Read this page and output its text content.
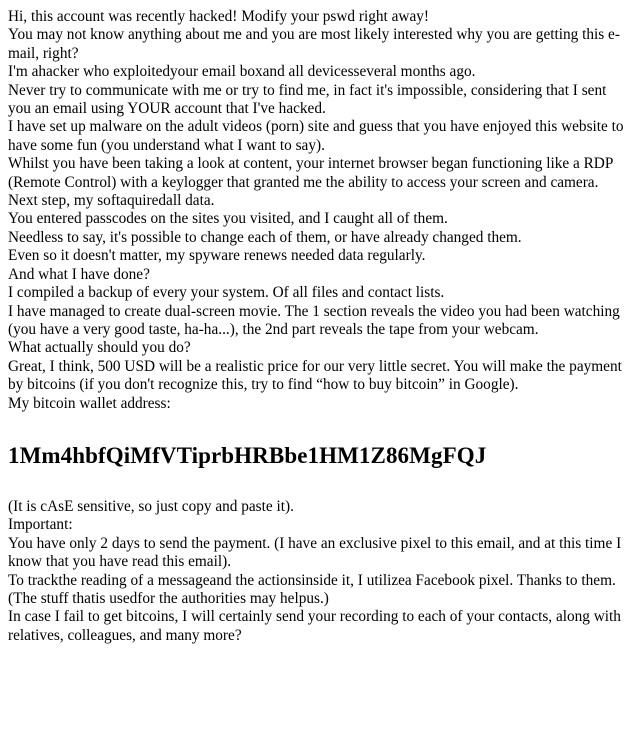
Hi, this account was recently hacked! Modify your pswd right away!

You may not know anything about me and you are most likely interested why you are getting this e-mail, right?

I'm ahacker who exploitedyour email boxand all devicesseveral months ago.

Never try to communicate with me or try to find me, in fact it's impossible, considering that I sent you an email using YOUR account that I've hacked.

I have set up malware on the adult videos (porn) site and guess that you have enjoyed this website to have some fun (you understand what I want to say).

Whilst you have been taking a look at content, your internet browser began functioning like a RDP (Remote Control) with a keylogger that granted me the ability to access your screen and camera.

Next step, my softaquiredall data.

You entered passcodes on the sites you visited, and I caught all of them.

Needless to say, it's possible to change each of them, or have already changed them.

Even so it doesn't matter, my spyware renews needed data regularly.

And what I have done?

I compiled a backup of every your system. Of all files and contact lists.

I have managed to create dual-screen movie. The 1 section reveals the video you had been watching (you have a very good taste, ha-ha...), the 2nd part reveals the tape from your webcam.

What actually should you do?

Great, I think, 500 USD will be a realistic price for our very little secret. You will make the payment by bitcoins (if you don't recognize this, try to find “how to buy bitcoin” in Google).

My bitcoin wallet address:

1Mm4hbfQiMfVTiprbHRBbe1HM1Z86MgFQJ

(It is cAsE sensitive, so just copy and paste it).

Important:

You have only 2 days to send the payment. (I have an exclusive pixel to this email, and at this time I know that you have read this email).

To trackthe reading of a messageand the actionsinside it, I utilizea Facebook pixel. Thanks to them. (The stuff thatis usedfor the authorities may helpus.)

In case I fail to get bitcoins, I will certainly send your recording to each of your contacts, along with relatives, colleagues, and many more?
